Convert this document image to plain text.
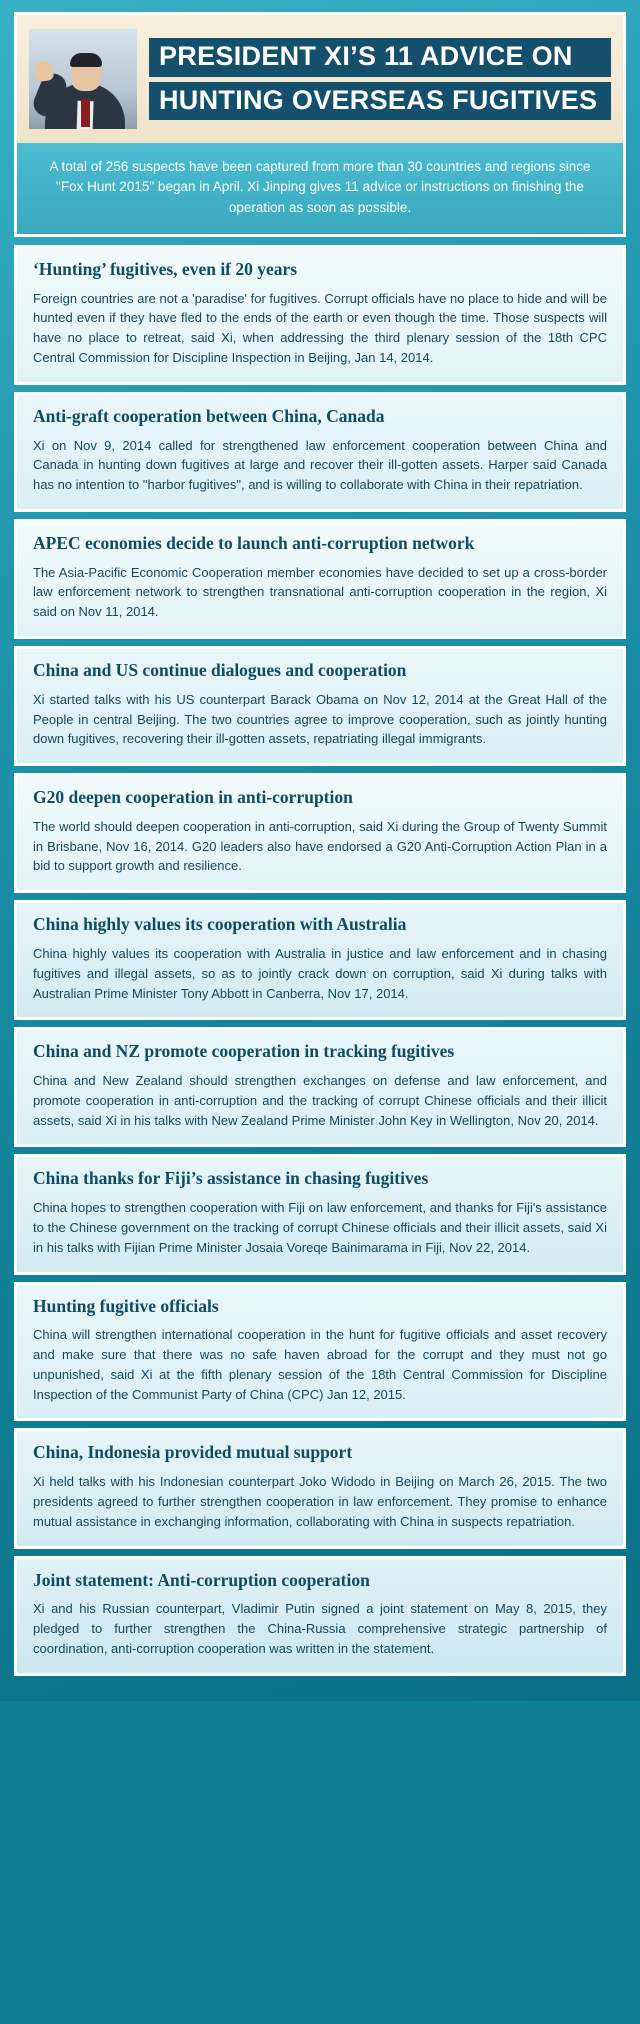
PRESIDENT XI’S 11 ADVICE ON
HUNTING OVERSEAS FUGITIVES
A total of 256 suspects have been captured from more than 30 countries and regions since "Fox Hunt 2015" began in April. Xi Jinping gives 11 advice or instructions on finishing the operation as soon as possible.
‘Hunting’ fugitives, even if 20 years

Foreign countries are not a 'paradise' for fugitives. Corrupt officials have no place to hide and will be hunted even if they have fled to the ends of the earth or even though the time. Those suspects will have no place to retreat, said Xi, when addressing the third plenary session of the 18th CPC Central Commission for Discipline Inspection in Beijing, Jan 14, 2014.

Anti-graft cooperation between China, Canada

Xi on Nov 9, 2014 called for strengthened law enforcement cooperation between China and Canada in hunting down fugitives at large and recover their ill-gotten assets. Harper said Canada has no intention to "harbor fugitives", and is willing to collaborate with China in their repatriation.

APEC economies decide to launch anti-corruption network

The Asia-Pacific Economic Cooperation member economies have decided to set up a cross-border law enforcement network to strengthen transnational anti-corruption cooperation in the region, Xi said on Nov 11, 2014.

China and US continue dialogues and cooperation

Xi started talks with his US counterpart Barack Obama on Nov 12, 2014 at the Great Hall of the People in central Beijing. The two countries agree to improve cooperation, such as jointly hunting down fugitives, recovering their ill-gotten assets, repatriating illegal immigrants.

G20 deepen cooperation in anti-corruption

The world should deepen cooperation in anti-corruption, said Xi during the Group of Twenty Summit in Brisbane, Nov 16, 2014. G20 leaders also have endorsed a G20 Anti-Corruption Action Plan in a bid to support growth and resilience.

China highly values its cooperation with Australia

China highly values its cooperation with Australia in justice and law enforcement and in chasing fugitives and illegal assets, so as to jointly crack down on corruption, said Xi during talks with Australian Prime Minister Tony Abbott in Canberra, Nov 17, 2014.

China and NZ promote cooperation in tracking fugitives

China and New Zealand should strengthen exchanges on defense and law enforcement, and promote cooperation in anti-corruption and the tracking of corrupt Chinese officials and their illicit assets, said Xi in his talks with New Zealand Prime Minister John Key in Wellington, Nov 20, 2014.

China thanks for Fiji’s assistance in chasing fugitives

China hopes to strengthen cooperation with Fiji on law enforcement, and thanks for Fiji's assistance to the Chinese government on the tracking of corrupt Chinese officials and their illicit assets, said Xi in his talks with Fijian Prime Minister Josaia Voreqe Bainimarama in Fiji, Nov 22, 2014.

Hunting fugitive officials

China will strengthen international cooperation in the hunt for fugitive officials and asset recovery and make sure that there was no safe haven abroad for the corrupt and they must not go unpunished, said Xi at the fifth plenary session of the 18th Central Commission for Discipline Inspection of the Communist Party of China (CPC) Jan 12, 2015.

China, Indonesia provided mutual support

Xi held talks with his Indonesian counterpart Joko Widodo in Beijing on March 26, 2015. The two presidents agreed to further strengthen cooperation in law enforcement. They promise to enhance mutual assistance in exchanging information, collaborating with China in suspects repatriation.

Joint statement: Anti-corruption cooperation

Xi and his Russian counterpart, Vladimir Putin signed a joint statement on May 8, 2015, they pledged to further strengthen the China-Russia comprehensive strategic partnership of coordination, anti-corruption cooperation was written in the statement.
